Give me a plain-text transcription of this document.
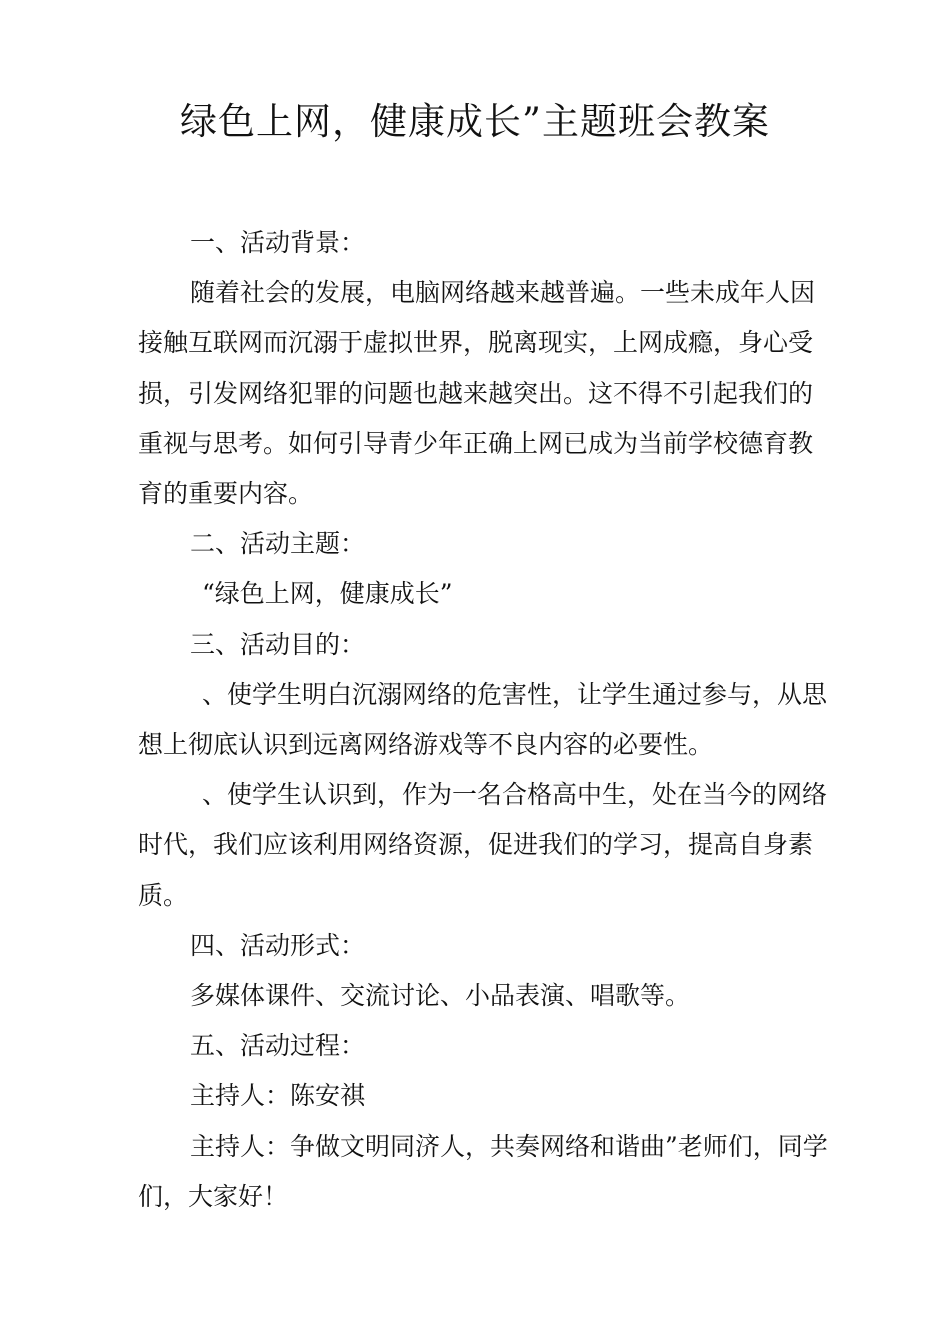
绿色上网，健康成长”主题班会教案

一、活动背景：

随着社会的发展，电脑网络越来越普遍。一些未成年人因接触互联网而沉溺于虚拟世界，脱离现实，上网成瘾，身心受损，引发网络犯罪的问题也越来越突出。这不得不引起我们的重视与思考。如何引导青少年正确上网已成为当前学校德育教育的重要内容。

二、活动主题：

“绿色上网，健康成长”

三、活动目的：

、使学生明白沉溺网络的危害性，让学生通过参与，从思想上彻底认识到远离网络游戏等不良内容的必要性。

、使学生认识到，作为一名合格高中生，处在当今的网络时代，我们应该利用网络资源，促进我们的学习，提高自身素质。

四、活动形式：

多媒体课件、交流讨论、小品表演、唱歌等。

五、活动过程：

主持人：陈安祺

主持人：争做文明同济人，共奏网络和谐曲”老师们，同学们，大家好！
